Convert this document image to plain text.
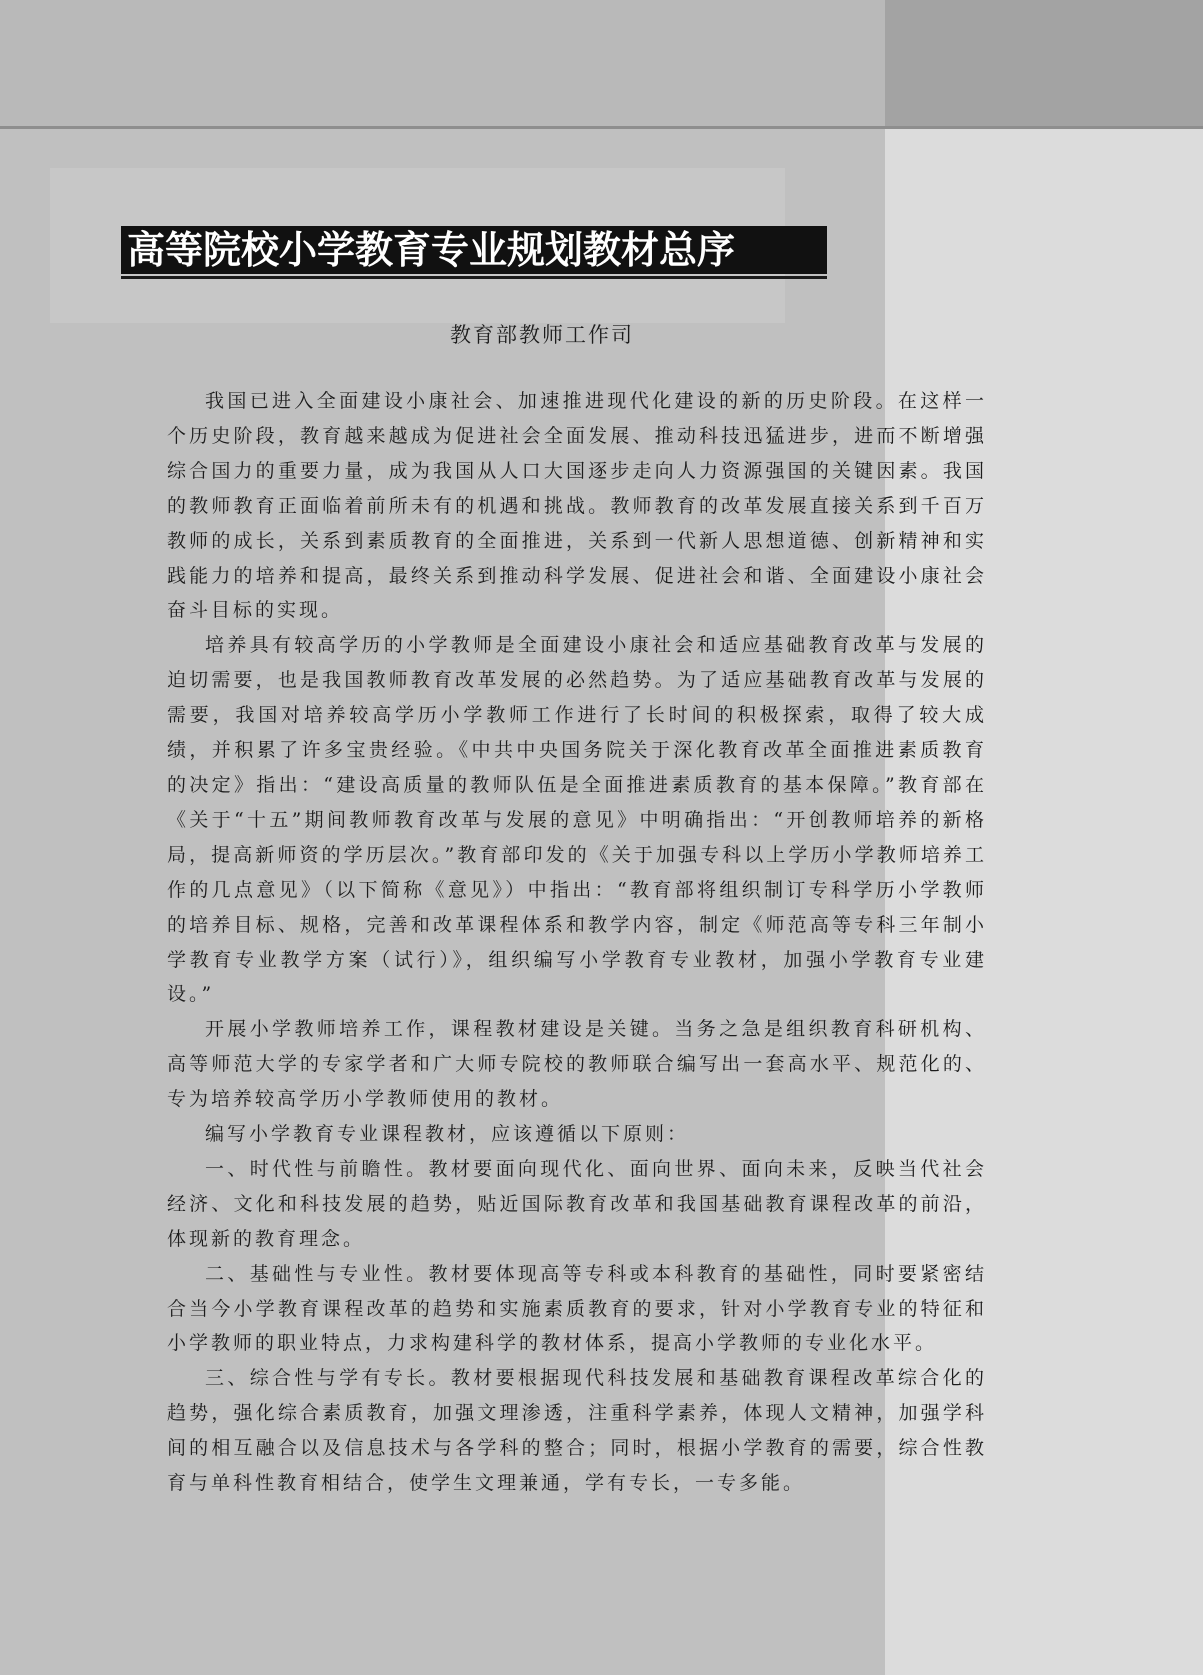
高等院校小学教育专业规划教材总序
教育部教师工作司

我国已进入全面建设小康社会、加速推进现代化建设的新的历史阶段。在这样一个历史阶段，教育越来越成为促进社会全面发展、推动科技迅猛进步，进而不断增强综合国力的重要力量，成为我国从人口大国逐步走向人力资源强国的关键因素。我国的教师教育正面临着前所未有的机遇和挑战。教师教育的改革发展直接关系到千百万教师的成长，关系到素质教育的全面推进，关系到一代新人思想道德、创新精神和实践能力的培养和提高，最终关系到推动科学发展、促进社会和谐、全面建设小康社会奋斗目标的实现。

培养具有较高学历的小学教师是全面建设小康社会和适应基础教育改革与发展的迫切需要，也是我国教师教育改革发展的必然趋势。为了适应基础教育改革与发展的需要，我国对培养较高学历小学教师工作进行了长时间的积极探索，取得了较大成绩，并积累了许多宝贵经验。《中共中央国务院关于深化教育改革全面推进素质教育的决定》指出：“建设高质量的教师队伍是全面推进素质教育的基本保障。”教育部在《关于“十五”期间教师教育改革与发展的意见》中明确指出：“开创教师培养的新格局，提高新师资的学历层次。”教育部印发的《关于加强专科以上学历小学教师培养工作的几点意见》（以下简称《意见》）中指出：“教育部将组织制订专科学历小学教师的培养目标、规格，完善和改革课程体系和教学内容，制定《师范高等专科三年制小学教育专业教学方案（试行）》，组织编写小学教育专业教材，加强小学教育专业建设。”

开展小学教师培养工作，课程教材建设是关键。当务之急是组织教育科研机构、高等师范大学的专家学者和广大师专院校的教师联合编写出一套高水平、规范化的、专为培养较高学历小学教师使用的教材。

编写小学教育专业课程教材，应该遵循以下原则：

一、时代性与前瞻性。教材要面向现代化、面向世界、面向未来，反映当代社会经济、文化和科技发展的趋势，贴近国际教育改革和我国基础教育课程改革的前沿，体现新的教育理念。

二、基础性与专业性。教材要体现高等专科或本科教育的基础性，同时要紧密结合当今小学教育课程改革的趋势和实施素质教育的要求，针对小学教育专业的特征和小学教师的职业特点，力求构建科学的教材体系，提高小学教师的专业化水平。

三、综合性与学有专长。教材要根据现代科技发展和基础教育课程改革综合化的趋势，强化综合素质教育，加强文理渗透，注重科学素养，体现人文精神，加强学科间的相互融合以及信息技术与各学科的整合；同时，根据小学教育的需要，综合性教育与单科性教育相结合，使学生文理兼通，学有专长，一专多能。
